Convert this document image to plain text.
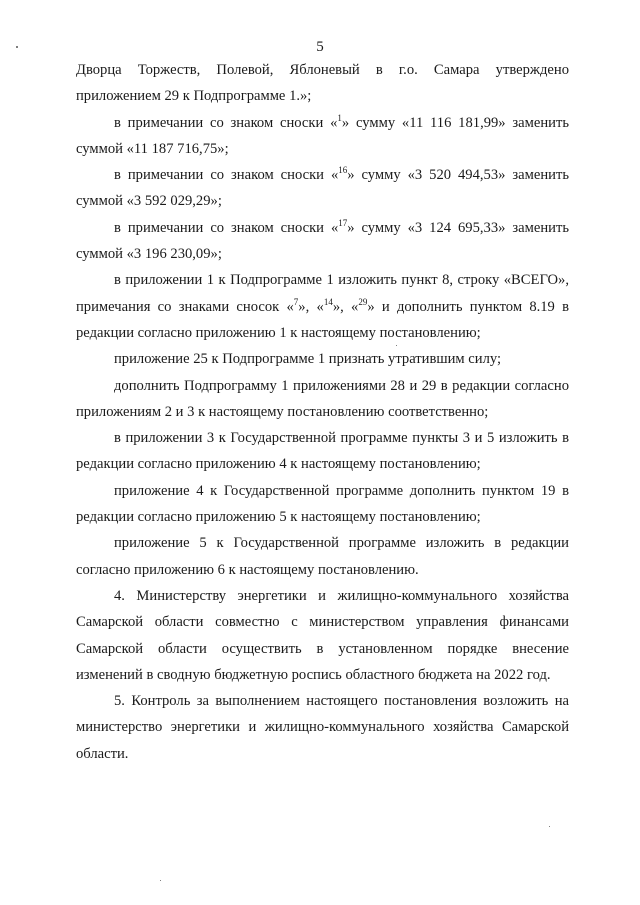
5

Дворца Торжеств, Полевой, Яблоневый в г.о. Самара утверждено приложением 29 к Подпрограмме 1.»;

в примечании со знаком сноски «$^1$» сумму «11 116 181,99» заменить суммой «11 187 716,75»;

в примечании со знаком сноски «$^{16}$» сумму «3 520 494,53» заменить суммой «3 592 029,29»;

в примечании со знаком сноски «$^{17}$» сумму «3 124 695,33» заменить суммой «3 196 230,09»;

в приложении 1 к Подпрограмме 1 изложить пункт 8, строку «ВСЕГО», примечания со знаками сносок «$^7$», «$^{14}$», «$^{29}$» и дополнить пунктом 8.19 в редакции согласно приложению 1 к настоящему постановлению;

приложение 25 к Подпрограмме 1 признать утратившим силу;

дополнить Подпрограмму 1 приложениями 28 и 29 в редакции согласно приложениям 2 и 3 к настоящему постановлению соответственно;

в приложении 3 к Государственной программе пункты 3 и 5 изложить в редакции согласно приложению 4 к настоящему постановлению;

приложение 4 к Государственной программе дополнить пунктом 19 в редакции согласно приложению 5 к настоящему постановлению;

приложение 5 к Государственной программе изложить в редакции согласно приложению 6 к настоящему постановлению.

4. Министерству энергетики и жилищно-коммунального хозяйства Самарской области совместно с министерством управления финансами Самарской области осуществить в установленном порядке внесение изменений в сводную бюджетную роспись областного бюджета на 2022 год.

5. Контроль за выполнением настоящего постановления возложить на министерство энергетики и жилищно-коммунального хозяйства Самарской области.
